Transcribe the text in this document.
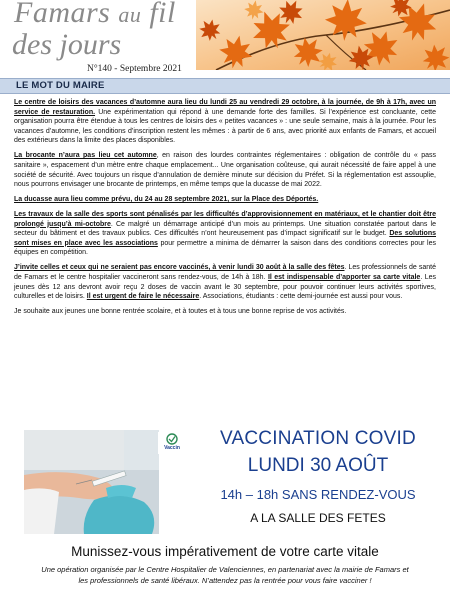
Famars au fil
des jours
N°140 - Septembre 2021
LE MOT DU MAIRE

Le centre de loisirs des vacances d’automne aura lieu du lundi 25 au vendredi 29 octobre, à la journée, de 9h à 17h, avec un service de restauration. Une expérimentation qui répond à une demande forte des familles. Si l’expérience est concluante, cette organisation pourra être étendue à tous les centres de loisirs des « petites vacances » : une seule semaine, mais à la journée. Pour les vacances d’automne, les conditions d’inscription restent les mêmes : à partir de 6 ans, avec priorité aux enfants de Famars, et accueil des extérieurs dans la limite des places disponibles.

La brocante n’aura pas lieu cet automne, en raison des lourdes contraintes réglementaires : obligation de contrôle du « pass sanitaire », espacement d’un mètre entre chaque emplacement... Une organisation coûteuse, qui aurait nécessité de faire appel à une société de sécurité. Avec toujours un risque d’annulation de dernière minute sur décision du Préfet. Si la réglementation est assouplie, nous pourrons envisager une brocante de printemps, en même temps que la ducasse de mai 2022.

La ducasse aura lieu comme prévu, du 24 au 28 septembre 2021, sur la Place des Déportés.

Les travaux de la salle des sports sont pénalisés par les difficultés d’approvisionnement en matériaux, et le chantier doit être prolongé jusqu’à mi-octobre. Ce malgré un démarrage anticipé d’un mois au printemps. Une situation constatée partout dans le secteur du bâtiment et des travaux publics. Ces difficultés n’ont heureusement pas d’impact significatif sur le budget. Des solutions sont mises en place avec les associations pour permettre a minima de démarrer la saison dans des conditions correctes pour les équipes en compétition.

J’invite celles et ceux qui ne seraient pas encore vaccinés, à venir lundi 30 août à la salle des fêtes. Les professionnels de santé de Famars et le centre hospitalier vaccineront sans rendez-vous, de 14h à 18h. Il est indispensable d’apporter sa carte vitale. Les jeunes dès 12 ans devront avoir reçu 2 doses de vaccin avant le 30 septembre, pour pouvoir continuer leurs activités sportives, culturelles et de loisirs. Il est urgent de faire le nécessaire. Associations, étudiants : cette demi-journée est aussi pour vous.

Je souhaite aux jeunes une bonne rentrée scolaire, et à toutes et à tous une bonne reprise de vos activités.

Vaccin	VACCINATION COVID
LUNDI 30 AOÛT
14h – 18h SANS RENDEZ-VOUS
A LA SALLE DES FETES
Munissez-vous impérativement de votre carte vitale
Une opération organisée par le Centre Hospitalier de Valenciennes, en partenariat avec la mairie de Famars et les professionnels de santé libéraux. N’attendez pas la rentrée pour vous faire vacciner !
